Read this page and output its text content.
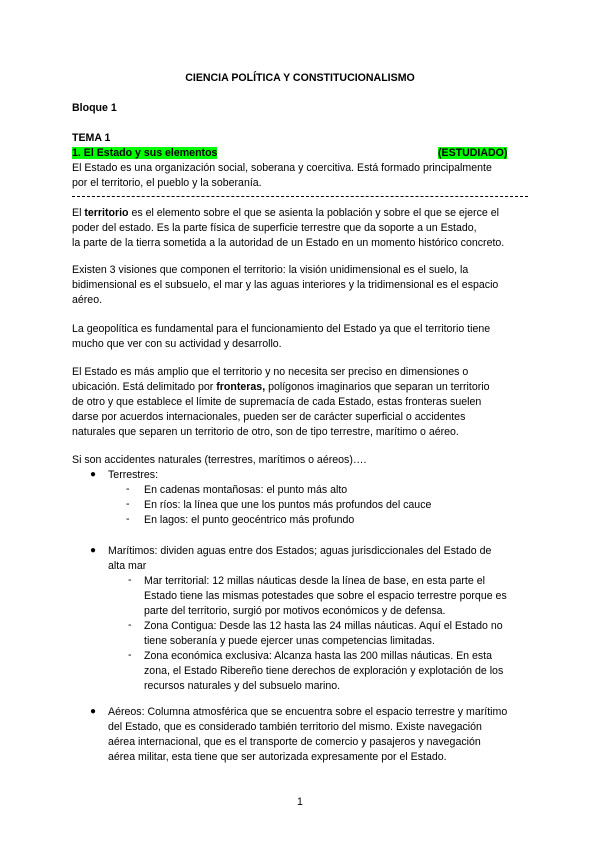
CIENCIA POLÍTICA Y CONSTITUCIONALISMO
Bloque 1
TEMA 1
1. El Estado y sus elementos	(ESTUDIADO)
El Estado es una organización social, soberana y coercitiva. Está formado principalmente
por el territorio, el pueblo y la soberanía.
El territorio es el elemento sobre el que se asienta la población y sobre el que se ejerce el
poder del estado. Es la parte física de superficie terrestre que da soporte a un Estado,
la parte de la tierra sometida a la autoridad de un Estado en un momento histórico concreto.
Existen 3 visiones que componen el territorio: la visión unidimensional es el suelo, la
bidimensional es el subsuelo, el mar y las aguas interiores y la tridimensional es el espacio
aéreo.
La geopolítica es fundamental para el funcionamiento del Estado ya que el territorio tiene
mucho que ver con su actividad y desarrollo.
El Estado es más amplio que el territorio y no necesita ser preciso en dimensiones o
ubicación. Está delimitado por fronteras, polígonos imaginarios que separan un territorio
de otro y que establece el límite de supremacía de cada Estado, estas fronteras suelen
darse por acuerdos internacionales, pueden ser de carácter superficial o accidentes
naturales que separen un territorio de otro, son de tipo terrestre, marítimo o aéreo.
Si son accidentes naturales (terrestres, marítimos o aéreos)….
● Terrestres:
- En cadenas montañosas: el punto más alto
- En ríos: la línea que une los puntos más profundos del cauce
- En lagos: el punto geocéntrico más profundo
● Marítimos: dividen aguas entre dos Estados; aguas jurisdiccionales del Estado de
alta mar
- Mar territorial: 12 millas náuticas desde la línea de base, en esta parte el
Estado tiene las mismas potestades que sobre el espacio terrestre porque es
parte del territorio, surgió por motivos económicos y de defensa.
- Zona Contigua: Desde las 12 hasta las 24 millas náuticas. Aquí el Estado no
tiene soberanía y puede ejercer unas competencias limitadas.
- Zona económica exclusiva: Alcanza hasta las 200 millas náuticas. En esta
zona, el Estado Ribereño tiene derechos de exploración y explotación de los
recursos naturales y del subsuelo marino.
● Aéreos: Columna atmosférica que se encuentra sobre el espacio terrestre y marítimo
del Estado, que es considerado también territorio del mismo. Existe navegación
aérea internacional, que es el transporte de comercio y pasajeros y navegación
aérea militar, esta tiene que ser autorizada expresamente por el Estado.
1
